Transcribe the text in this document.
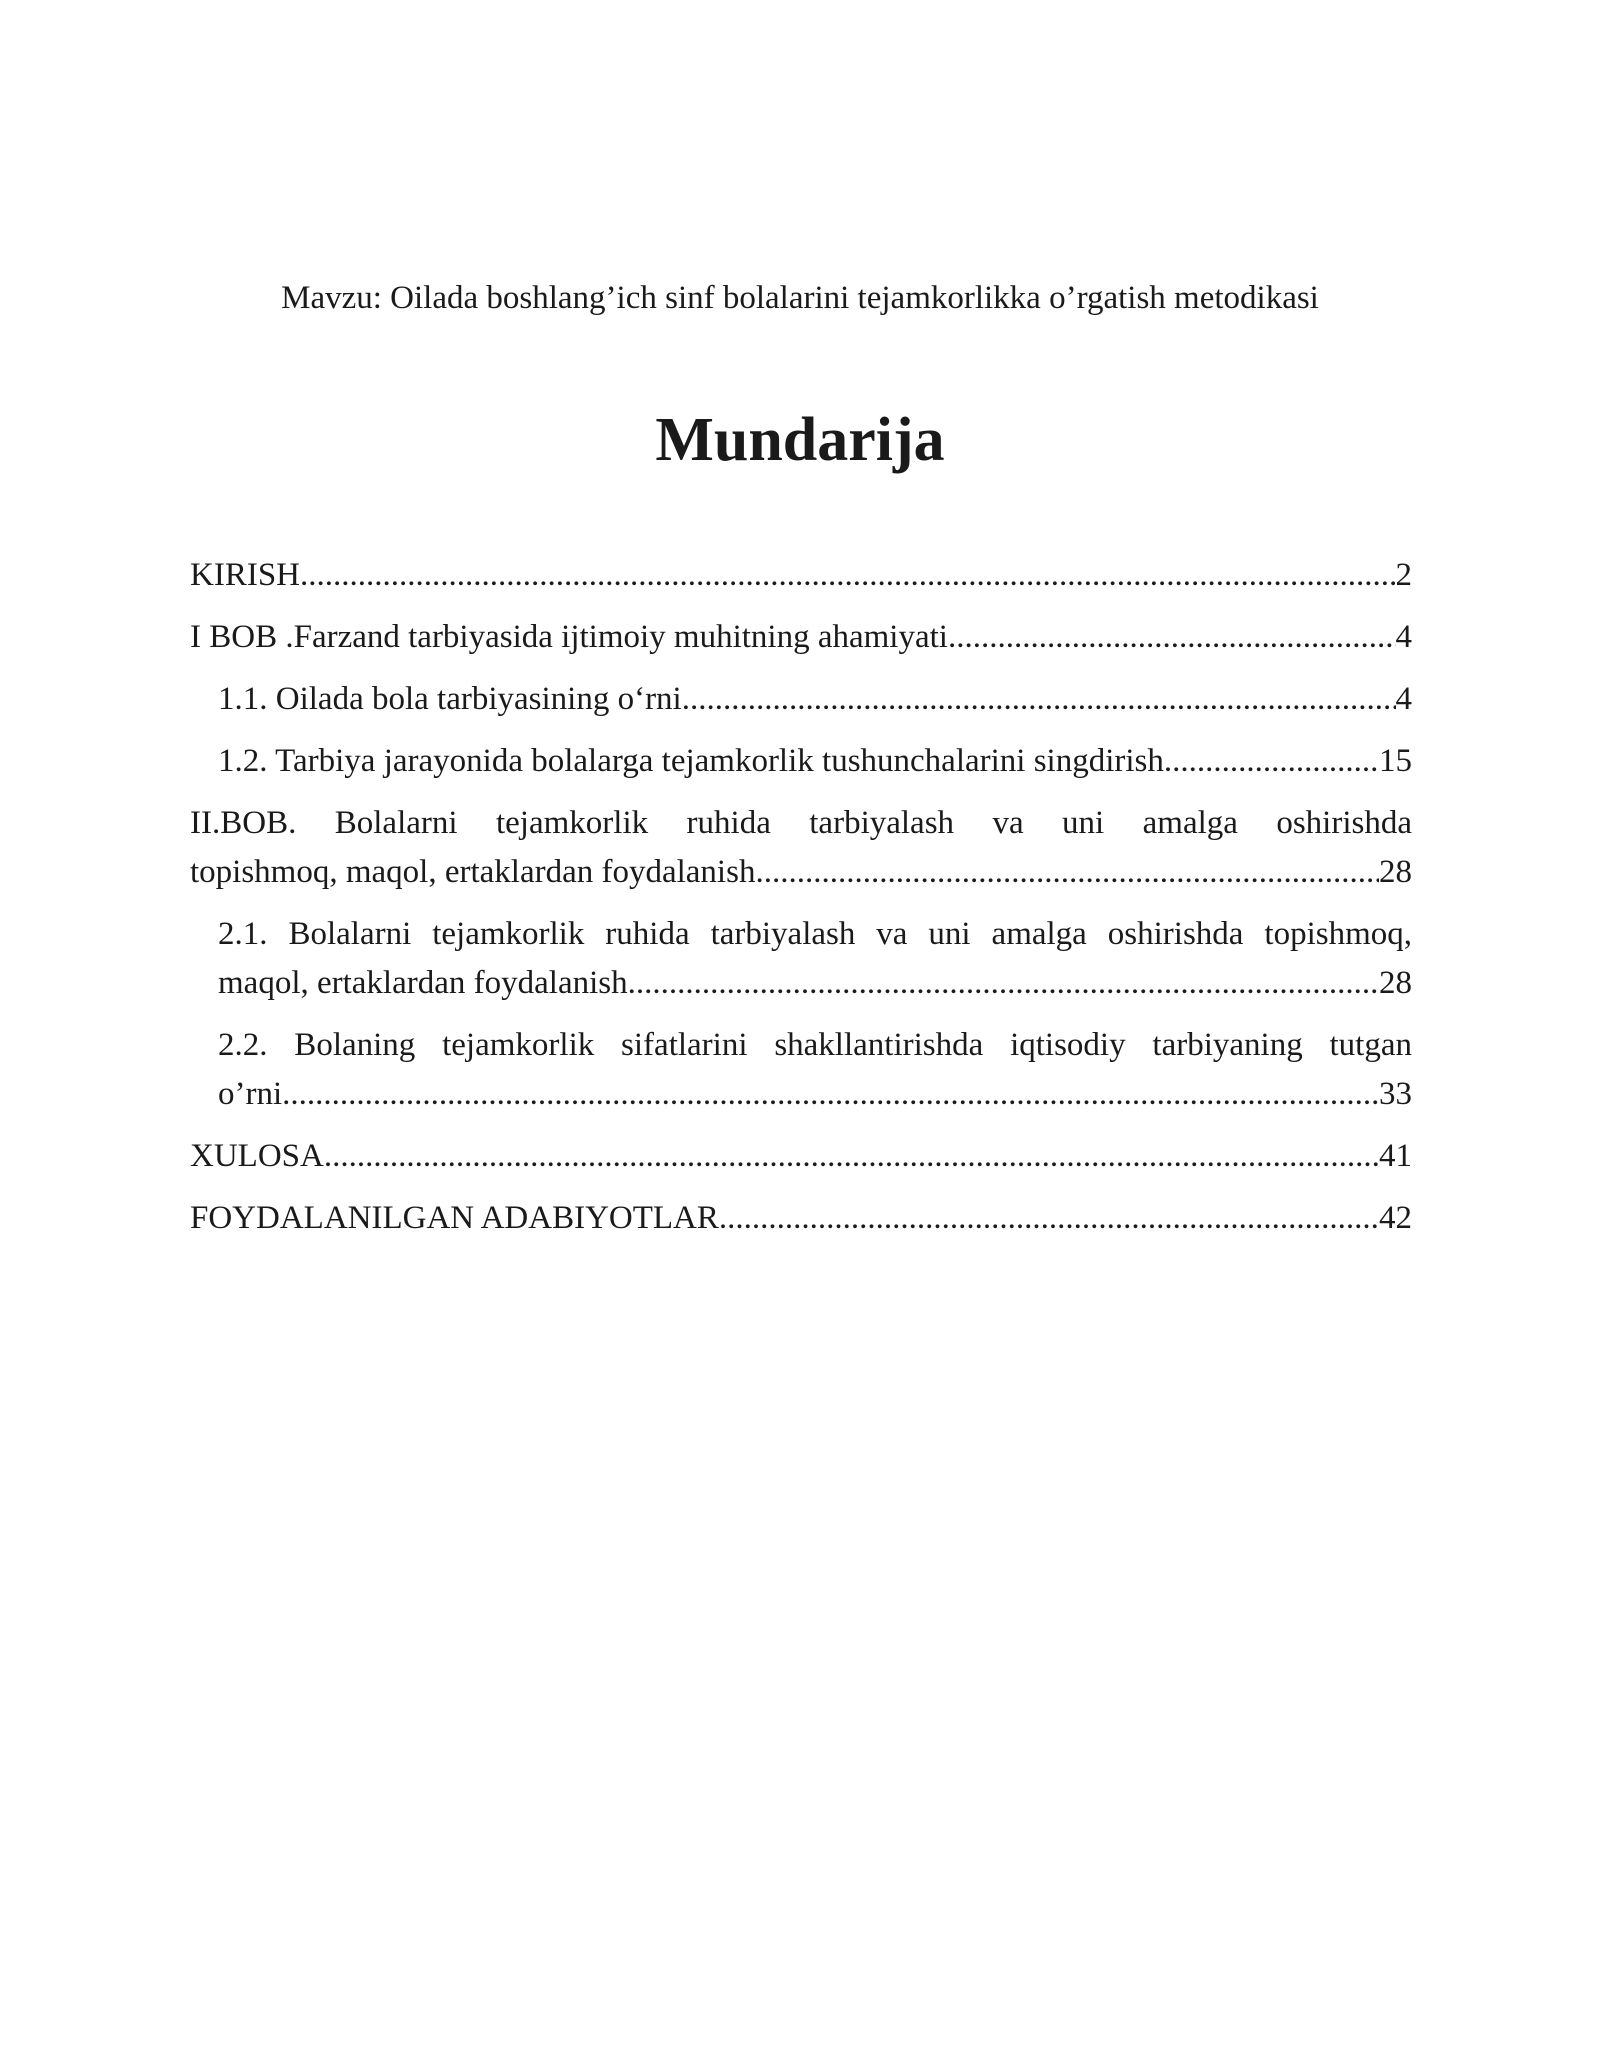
Mavzu: Oilada boshlang’ich sinf bolalarini tejamkorlikka o’rgatish metodikasi
Mundarija
KIRISH .....	2
I BOB .Farzand tarbiyasida ijtimoiy muhitning ahamiyati .....	4
1.1. Oilada bola tarbiyasining o‘rni .....	4
1.2. Tarbiya jarayonida bolalarga tejamkorlik tushunchalarini singdirish .....	15
II.BOB. Bolalarni tejamkorlik ruhida tarbiyalash va uni amalga oshirishda
topishmoq, maqol, ertaklardan foydalanish .....	28
2.1. Bolalarni tejamkorlik ruhida tarbiyalash va uni amalga oshirishda topishmoq,
maqol, ertaklardan foydalanish .....	28
2.2. Bolaning tejamkorlik sifatlarini shakllantirishda iqtisodiy tarbiyaning tutgan
o’rni .....	33
XULOSA .....	41
FOYDALANILGAN ADABIYOTLAR .....	42
